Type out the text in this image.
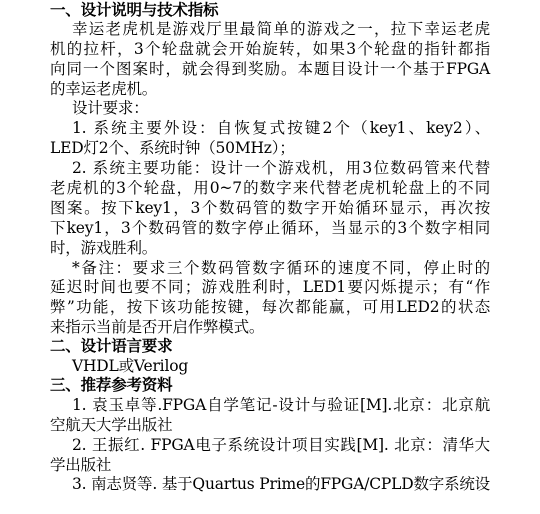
一、设计说明与技术指标
幸运老虎机是游戏厅里最简单的游戏之一，拉下幸运老虎
机的拉杆，3个轮盘就会开始旋转，如果3个轮盘的指针都指
向同一个图案时，就会得到奖励。本题目设计一个基于FPGA
的幸运老虎机。
设计要求：
1. 系统主要外设：自恢复式按键2个（key1、key2）、
LED灯2个、系统时钟（50MHz）；
2. 系统主要功能：设计一个游戏机，用3位数码管来代替
老虎机的3个轮盘，用0~7的数字来代替老虎机轮盘上的不同
图案。按下key1，3个数码管的数字开始循环显示，再次按
下key1，3个数码管的数字停止循环，当显示的3个数字相同
时，游戏胜利。
*备注：要求三个数码管数字循环的速度不同，停止时的
延迟时间也要不同；游戏胜利时，LED1要闪烁提示；有“作
弊”功能，按下该功能按键，每次都能赢，可用LED2的状态
来指示当前是否开启作弊模式。
二、设计语言要求
VHDL或Verilog
三、推荐参考资料
1. 袁玉卓等.FPGA自学笔记-设计与验证[M].北京：北京航
空航天大学出版社
2. 王振红. FPGA电子系统设计项目实践[M]. 北京：清华大
学出版社
3. 南志贤等. 基于Quartus Prime的FPGA/CPLD数字系统设
